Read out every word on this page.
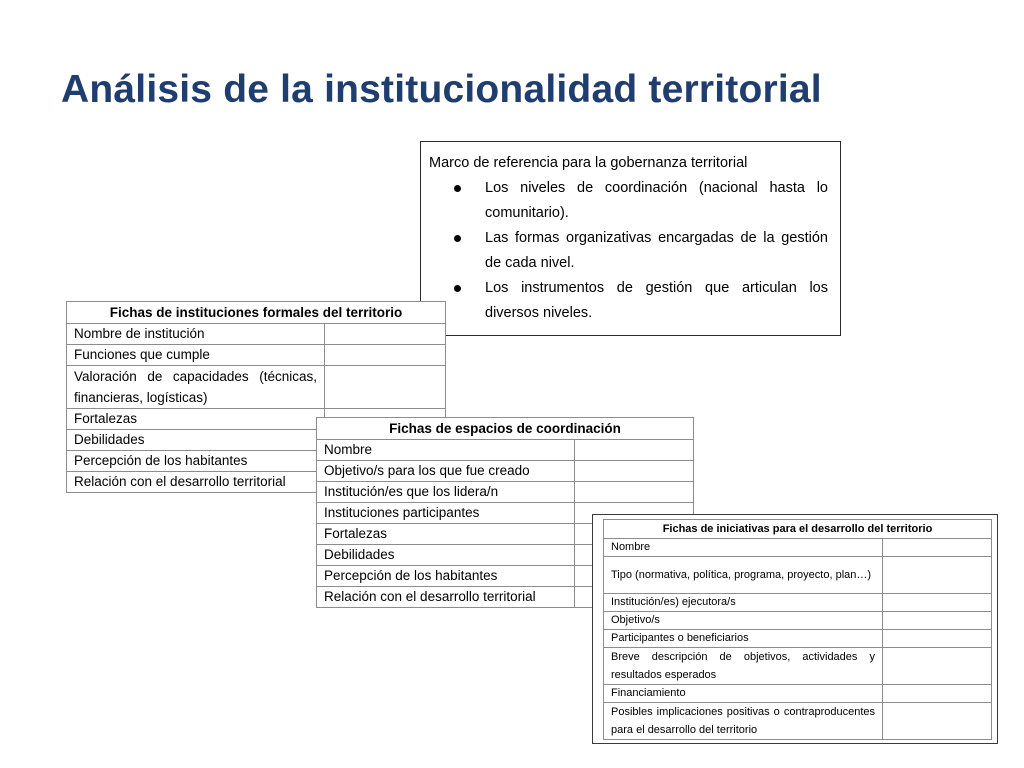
Análisis de la institucionalidad territorial
Marco de referencia para la gobernanza territorial
Los niveles de coordinación (nacional hasta lo comunitario).
Las formas organizativas encargadas de la gestión de cada nivel.
Los instrumentos de gestión que articulan los diversos niveles.
Fichas de instituciones formales del territorio	
Nombre de institución	
Funciones que cumple	
Valoración de capacidades (técnicas, financieras, logísticas)	
Fortalezas	
Debilidades	
Percepción de los habitantes	
Relación con el desarrollo territorial	
Fichas de espacios de coordinación	
Nombre	
Objetivo/s para los que fue creado	
Institución/es que los lidera/n	
Instituciones participantes	
Fortalezas	
Debilidades	
Percepción de los habitantes	
Relación con el desarrollo territorial	
Fichas de iniciativas para el desarrollo del territorio	
Nombre	
Tipo (normativa, política, programa, proyecto, plan…)	
Institución/es) ejecutora/s	
Objetivo/s	
Participantes o beneficiarios	
Breve descripción de objetivos, actividades y resultados esperados	
Financiamiento	
Posibles implicaciones positivas o contraproducentes para el desarrollo del territorio	
